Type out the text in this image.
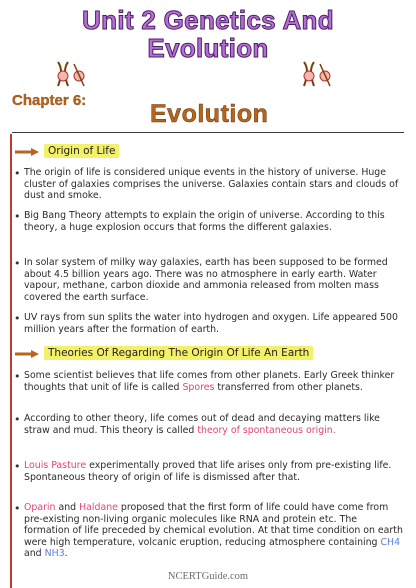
Unit 2 Genetics And
Evolution
Chapter 6:	Evolution
Origin of Life
• The origin of life is considered unique events in the history of universe. Huge cluster of galaxies comprises the universe. Galaxies contain stars and clouds of dust and smoke.
• Big Bang Theory attempts to explain the origin of universe. According to this theory, a huge explosion occurs that forms the different galaxies.
• In solar system of milky way galaxies, earth has been supposed to be formed about 4.5 billion years ago. There was no atmosphere in early earth. Water vapour, methane, carbon dioxide and ammonia released from molten mass covered the earth surface.
• UV rays from sun splits the water into hydrogen and oxygen. Life appeared 500 million years after the formation of earth.
Theories Of Regarding The Origin Of Life An Earth
• Some scientist believes that life comes from other planets. Early Greek thinker thoughts that unit of life is called Spores transferred from other planets.
• According to other theory, life comes out of dead and decaying matters like straw and mud. This theory is called theory of spontaneous origin.
• Louis Pasture experimentally proved that life arises only from pre-existing life. Spontaneous theory of origin of life is dismissed after that.
• Oparin and Haldane proposed that the first form of life could have come from pre-existing non-living organic molecules like RNA and protein etc. The formation of life preceded by chemical evolution. At that time condition on earth were high temperature, volcanic eruption, reducing atmosphere containing CH4 and NH3.
NCERTGuide.com
